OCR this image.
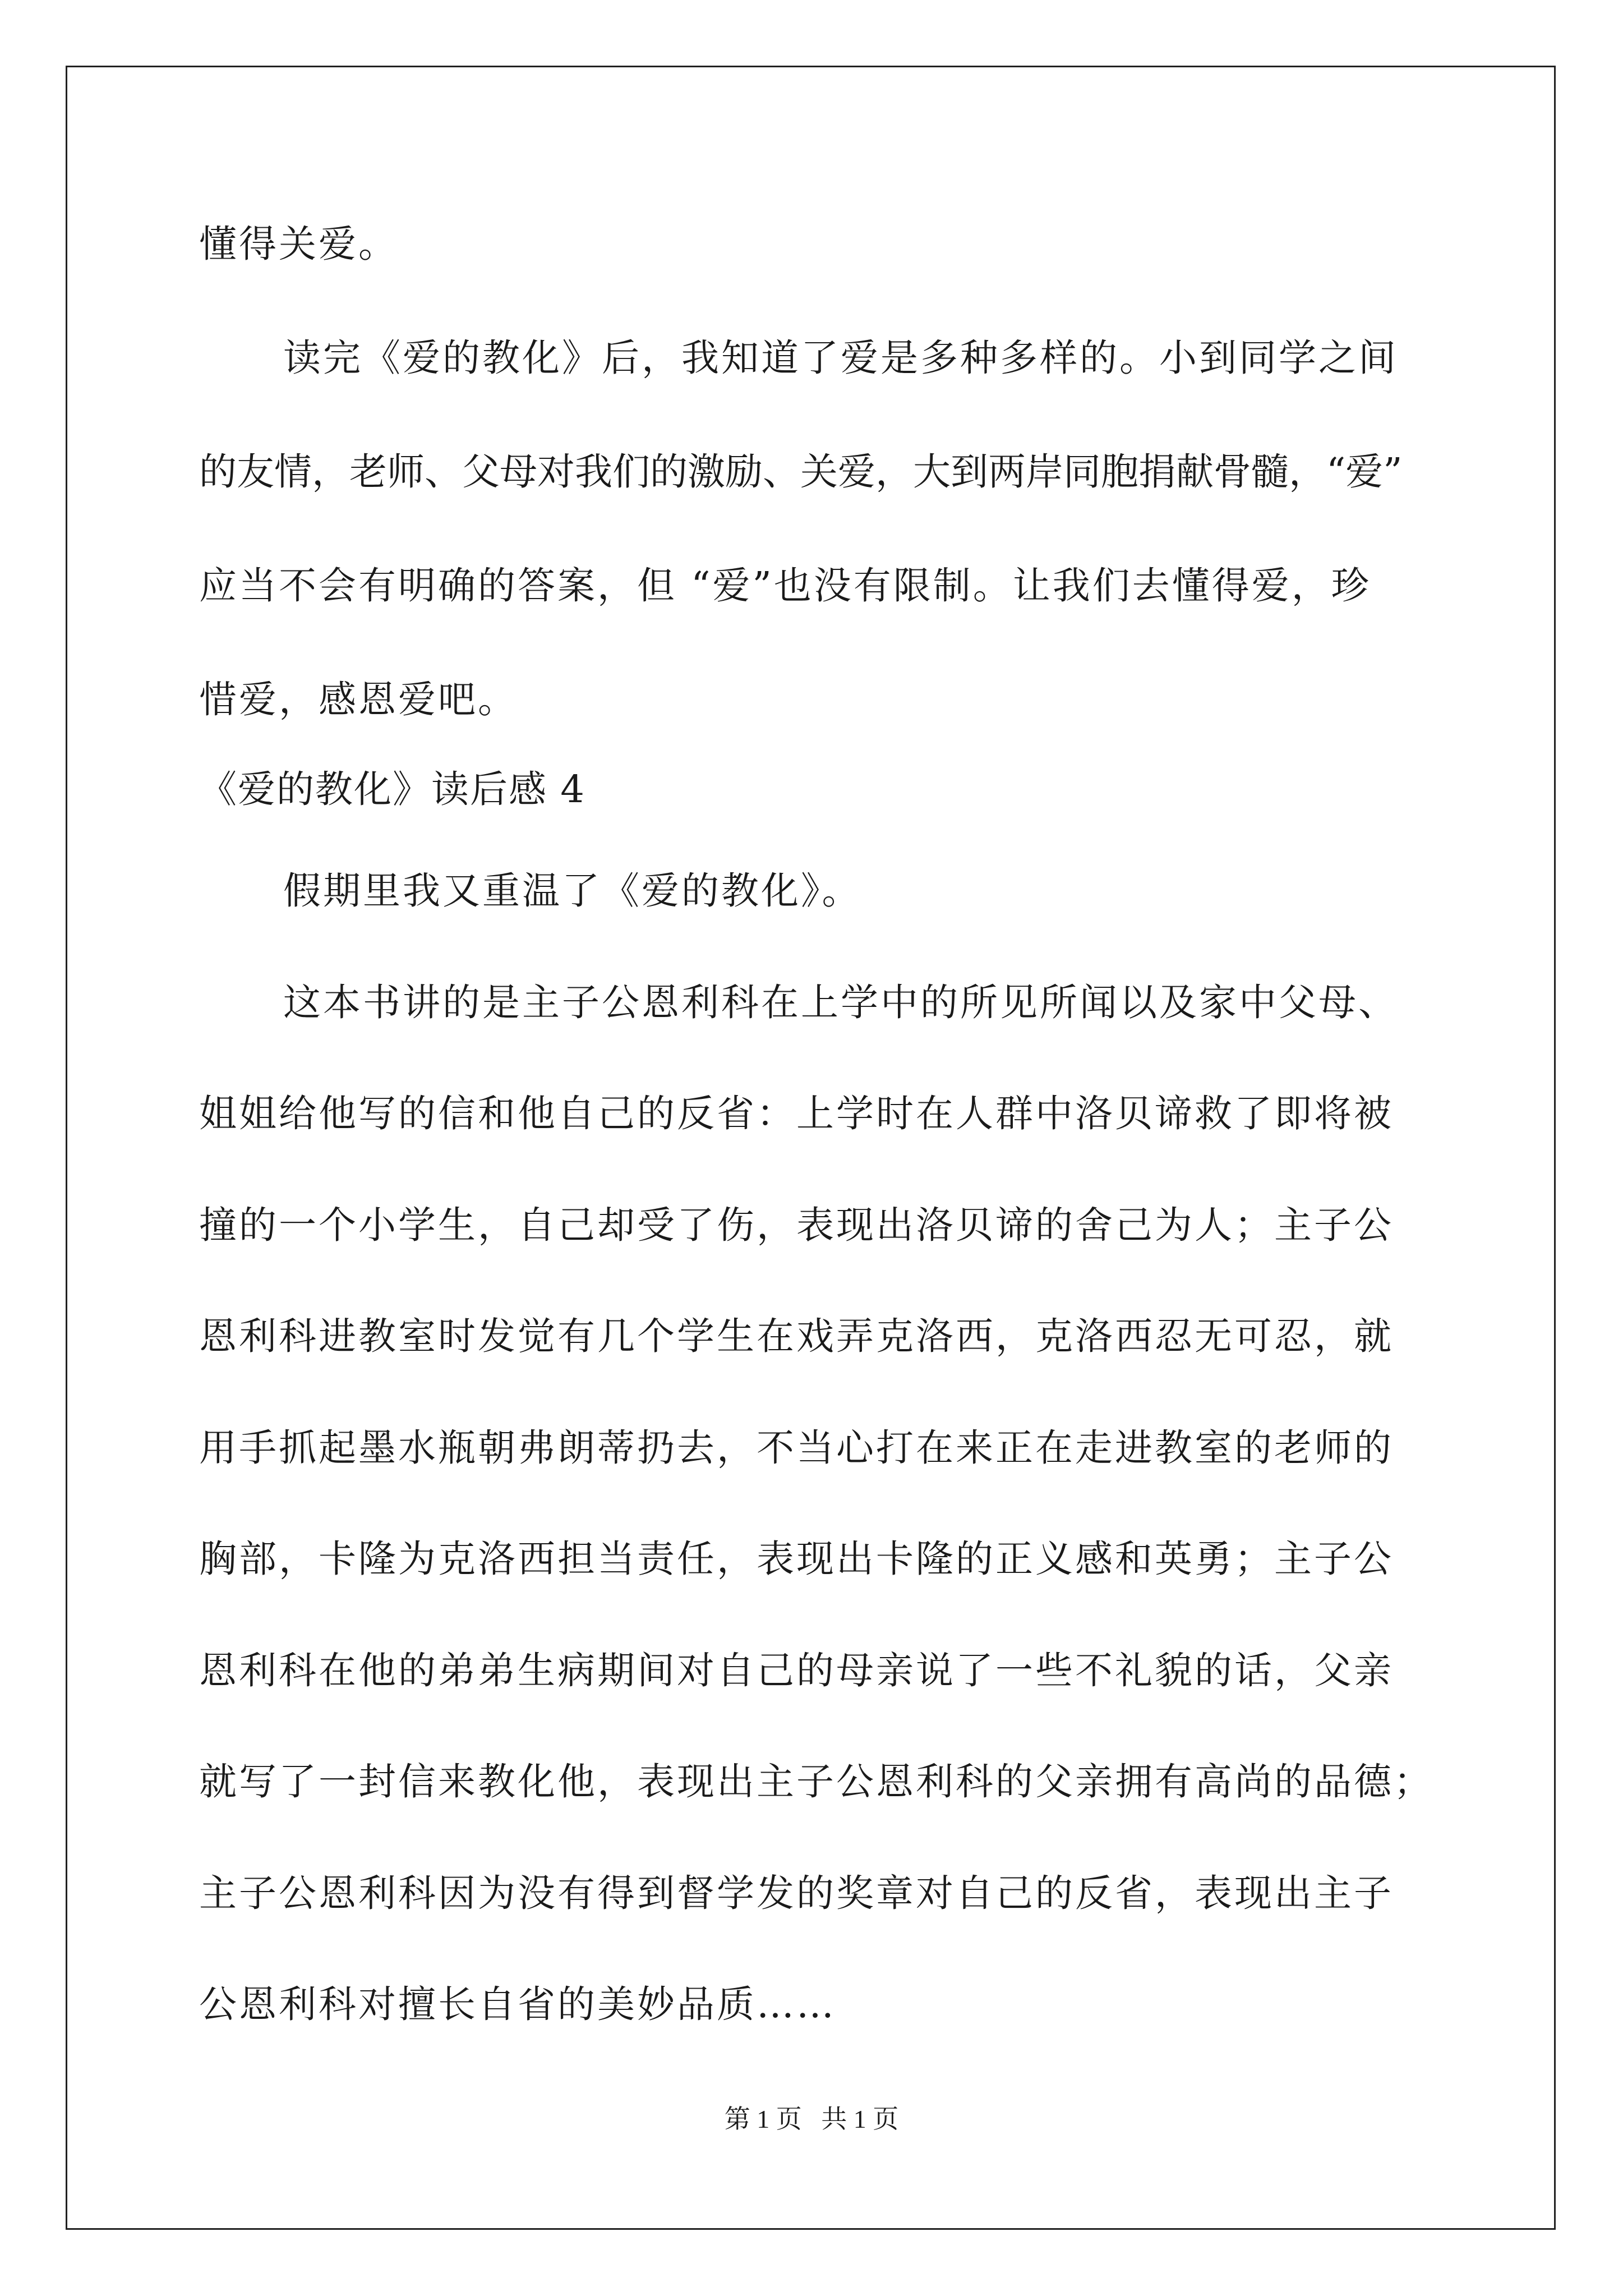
懂得关爱。
读完《爱的教化》后，我知道了爱是多种多样的。小到同学之间
的友情，老师、父母对我们的激励、关爱，大到两岸同胞捐献骨髓，“爱”
应当不会有明确的答案，但 “爱”也没有限制。让我们去懂得爱，珍
惜爱，感恩爱吧。
《爱的教化》读后感 4
假期里我又重温了《爱的教化》。
这本书讲的是主子公恩利科在上学中的所见所闻以及家中父母、
姐姐给他写的信和他自己的反省：上学时在人群中洛贝谛救了即将被
撞的一个小学生，自己却受了伤，表现出洛贝谛的舍己为人；主子公
恩利科进教室时发觉有几个学生在戏弄克洛西，克洛西忍无可忍，就
用手抓起墨水瓶朝弗朗蒂扔去，不当心打在来正在走进教室的老师的
胸部，卡隆为克洛西担当责任，表现出卡隆的正义感和英勇；主子公
恩利科在他的弟弟生病期间对自己的母亲说了一些不礼貌的话，父亲
就写了一封信来教化他，表现出主子公恩利科的父亲拥有高尚的品德；
主子公恩利科因为没有得到督学发的奖章对自己的反省，表现出主子
公恩利科对擅长自省的美妙品质……
第 1 页   共 1 页
